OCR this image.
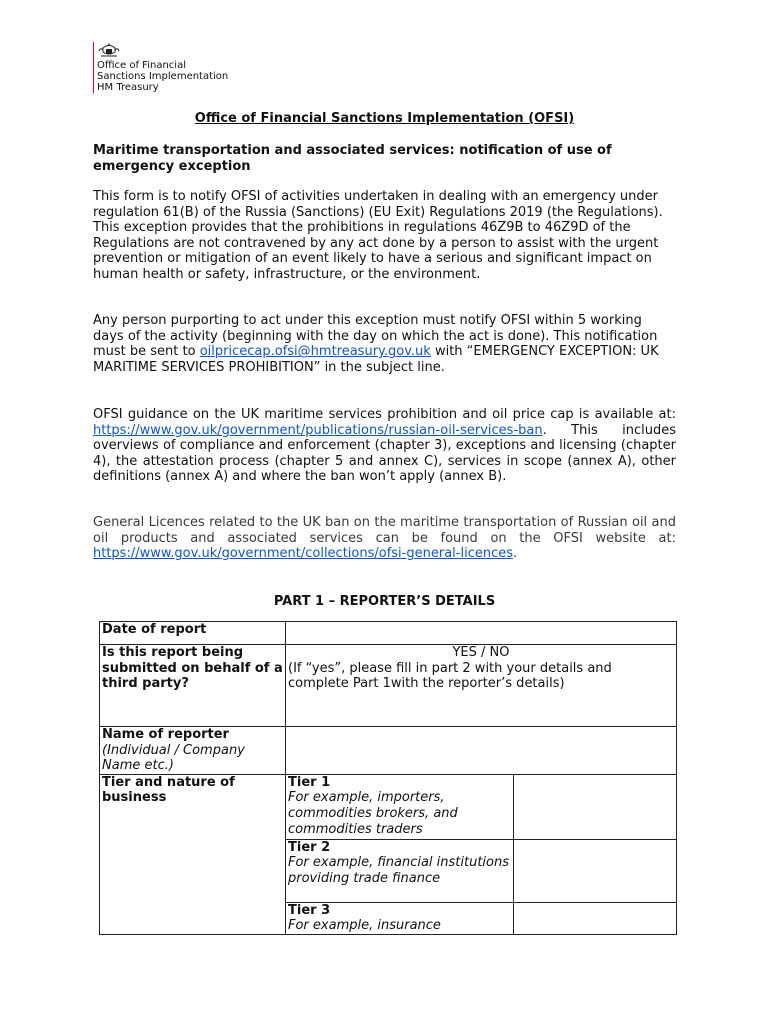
Office of Financial
Sanctions Implementation
HM Treasury
Office of Financial Sanctions Implementation (OFSI)
Maritime transportation and associated services: notification of use of emergency exception
This form is to notify OFSI of activities undertaken in dealing with an emergency under regulation 61(B) of the Russia (Sanctions) (EU Exit) Regulations 2019 (the Regulations). This exception provides that the prohibitions in regulations 46Z9B to 46Z9D of the Regulations are not contravened by any act done by a person to assist with the urgent prevention or mitigation of an event likely to have a serious and significant impact on human health or safety, infrastructure, or the environment.
Any person purporting to act under this exception must notify OFSI within 5 working days of the activity (beginning with the day on which the act is done). This notification must be sent to oilpricecap.ofsi@hmtreasury.gov.uk with “EMERGENCY EXCEPTION: UK MARITIME SERVICES PROHIBITION” in the subject line.
OFSI guidance on the UK maritime services prohibition and oil price cap is available at: https://www.gov.uk/government/publications/russian-oil-services-ban. This includes overviews of compliance and enforcement (chapter 3), exceptions and licensing (chapter 4), the attestation process (chapter 5 and annex C), services in scope (annex A), other definitions (annex A) and where the ban won’t apply (annex B).
General Licences related to the UK ban on the maritime transportation of Russian oil and oil products and associated services can be found on the OFSI website at: https://www.gov.uk/government/collections/ofsi-general-licences.
PART 1 – REPORTER’S DETAILS
Date of report		
Is this report being submitted on behalf of a third party?	YES / NO
(If “yes”, please fill in part 2 with your details and complete Part 1with the reporter’s details)	

Name of reporter
(Individual / Company Name etc.)		

Tier and nature of business	Tier 1
For example, importers, commodities brokers, and commodities traders	

	Tier 2
For example, financial institutions providing trade finance	

	Tier 3
For example, insurance	
